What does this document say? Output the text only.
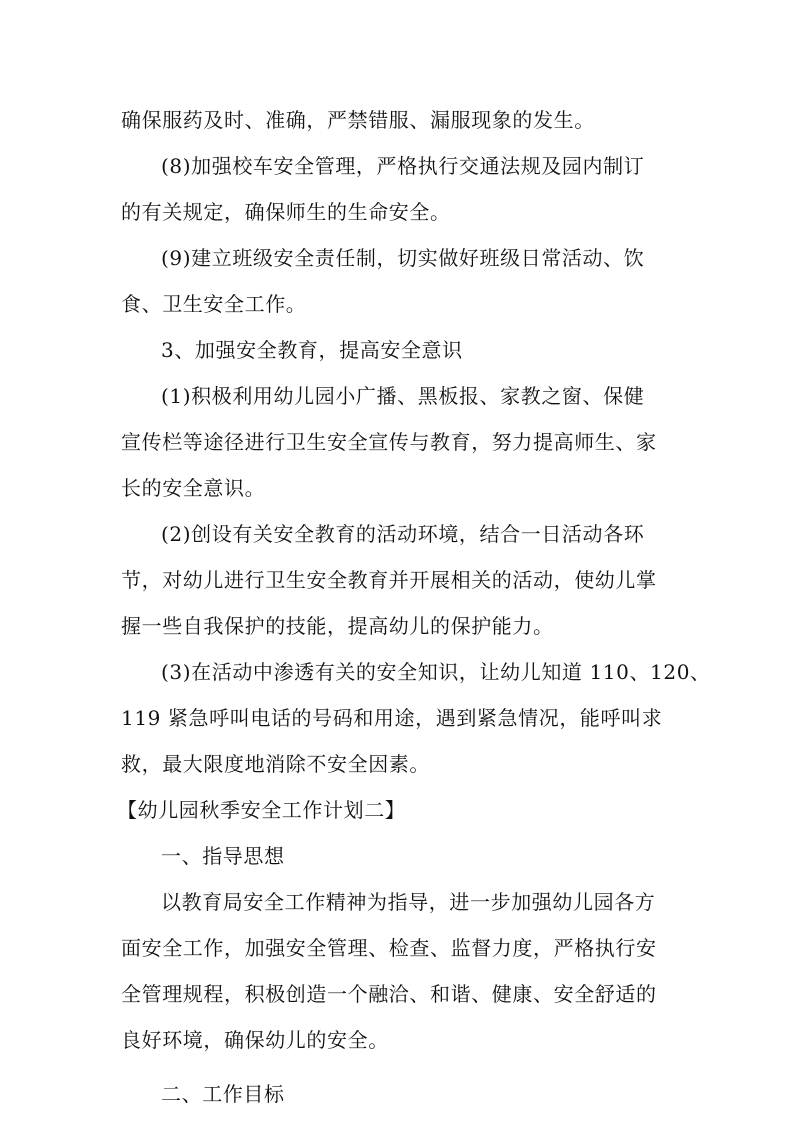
确保服药及时、准确，严禁错服、漏服现象的发生。
(8)加强校车安全管理，严格执行交通法规及园内制订
的有关规定，确保师生的生命安全。
(9)建立班级安全责任制，切实做好班级日常活动、饮
食、卫生安全工作。
3、加强安全教育，提高安全意识
(1)积极利用幼儿园小广播、黑板报、家教之窗、保健
宣传栏等途径进行卫生安全宣传与教育，努力提高师生、家
长的安全意识。
(2)创设有关安全教育的活动环境，结合一日活动各环
节，对幼儿进行卫生安全教育并开展相关的活动，使幼儿掌
握一些自我保护的技能，提高幼儿的保护能力。
(3)在活动中渗透有关的安全知识，让幼儿知道 110、120、
119 紧急呼叫电话的号码和用途，遇到紧急情况，能呼叫求
救，最大限度地消除不安全因素。
【幼儿园秋季安全工作计划二】
一、指导思想
以教育局安全工作精神为指导，进一步加强幼儿园各方
面安全工作，加强安全管理、检查、监督力度，严格执行安
全管理规程，积极创造一个融洽、和谐、健康、安全舒适的
良好环境，确保幼儿的安全。
二、工作目标
